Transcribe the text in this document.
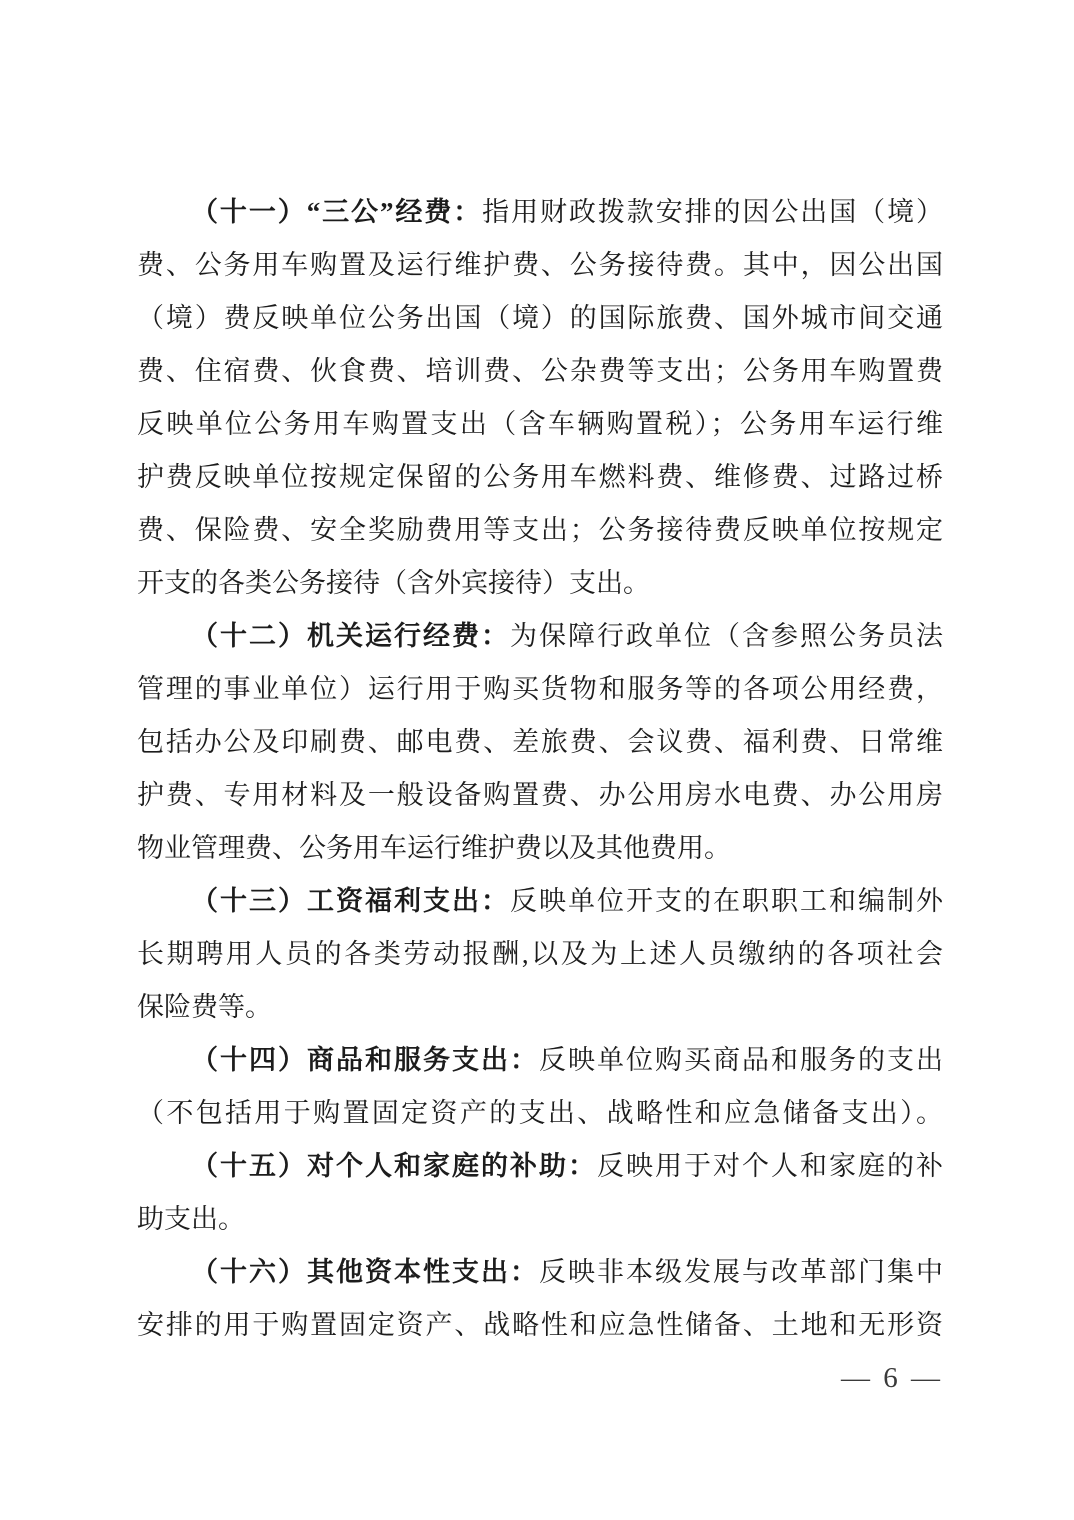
（十一）“三公”经费：指用财政拨款安排的因公出国（境）
费、公务用车购置及运行维护费、公务接待费。其中，因公出国
（境）费反映单位公务出国（境）的国际旅费、国外城市间交通
费、住宿费、伙食费、培训费、公杂费等支出；公务用车购置费
反映单位公务用车购置支出（含车辆购置税）；公务用车运行维
护费反映单位按规定保留的公务用车燃料费、维修费、过路过桥
费、保险费、安全奖励费用等支出；公务接待费反映单位按规定
开支的各类公务接待（含外宾接待）支出。
（十二）机关运行经费：为保障行政单位（含参照公务员法
管理的事业单位）运行用于购买货物和服务等的各项公用经费，
包括办公及印刷费、邮电费、差旅费、会议费、福利费、日常维
护费、专用材料及一般设备购置费、办公用房水电费、办公用房
物业管理费、公务用车运行维护费以及其他费用。
（十三）工资福利支出：反映单位开支的在职职工和编制外
长期聘用人员的各类劳动报酬,以及为上述人员缴纳的各项社会
保险费等。
（十四）商品和服务支出：反映单位购买商品和服务的支出
（不包括用于购置固定资产的支出、战略性和应急储备支出）。
（十五）对个人和家庭的补助：反映用于对个人和家庭的补
助支出。
（十六）其他资本性支出：反映非本级发展与改革部门集中
安排的用于购置固定资产、战略性和应急性储备、土地和无形资
— 6 —
